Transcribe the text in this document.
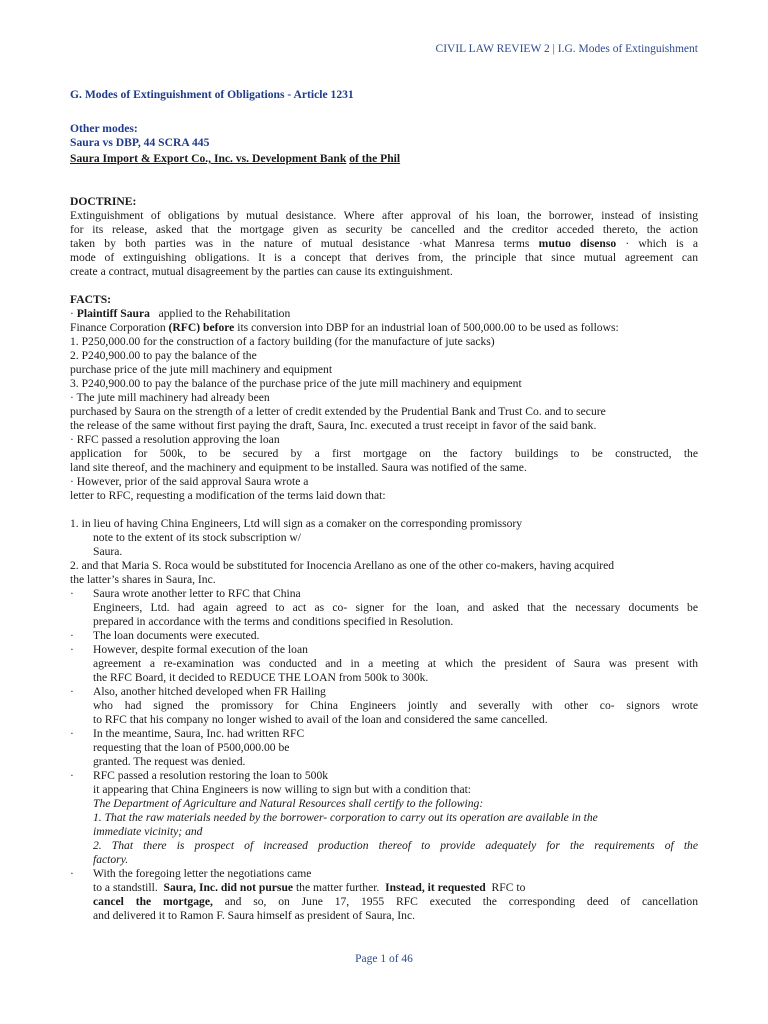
CIVIL LAW REVIEW 2 | I.G. Modes of Extinguishment
G. Modes of Extinguishment of Obligations - Article 1231
Other modes:
Saura vs DBP, 44 SCRA 445
Saura Import & Export Co., Inc. vs. Development Bank of the Phil
DOCTRINE:
Extinguishment of obligations by mutual desistance. Where after approval of his loan, the borrower, instead of insisting
for its release, asked that the mortgage given as security be cancelled and the creditor acceded thereto, the action
taken by both parties was in the nature of mutual desistance ·what Manresa terms mutuo disenso · which is a
mode of extinguishing obligations. It is a concept that derives from, the principle that since mutual agreement can
create a contract, mutual disagreement by the parties can cause its extinguishment.
FACTS:
· Plaintiff Saura applied to the Rehabilitation
Finance Corporation (RFC) before its conversion into DBP for an industrial loan of 500,000.00 to be used as follows:
1. P250,000.00 for the construction of a factory building (for the manufacture of jute sacks)
2. P240,900.00 to pay the balance of the
purchase price of the jute mill machinery and equipment
3. P240,900.00 to pay the balance of the purchase price of the jute mill machinery and equipment
· The jute mill machinery had already been
purchased by Saura on the strength of a letter of credit extended by the Prudential Bank and Trust Co. and to secure
the release of the same without first paying the draft, Saura, Inc. executed a trust receipt in favor of the said bank.
· RFC passed a resolution approving the loan
application for 500k, to be secured by a first mortgage on the factory buildings to be constructed, the
land site thereof, and the machinery and equipment to be installed. Saura was notified of the same.
· However, prior of the said approval Saura wrote a
letter to RFC, requesting a modification of the terms laid down that:
1. in lieu of having China Engineers, Ltd will sign as a comaker on the corresponding promissory
note to the extent of its stock subscription w/
Saura.
2. and that Maria S. Roca would be substituted for Inocencia Arellano as one of the other co-makers, having acquired
the latter’s shares in Saura, Inc.
· Saura wrote another letter to RFC that China
Engineers, Ltd. had again agreed to act as co- signer for the loan, and asked that the necessary documents be
prepared in accordance with the terms and conditions specified in Resolution.
· The loan documents were executed.
· However, despite formal execution of the loan
agreement a re-examination was conducted and in a meeting at which the president of Saura was present with
the RFC Board, it decided to REDUCE THE LOAN from 500k to 300k.
· Also, another hitched developed when FR Hailing
who had signed the promissory for China Engineers jointly and severally with other co- signors wrote
to RFC that his company no longer wished to avail of the loan and considered the same cancelled.
· In the meantime, Saura, Inc. had written RFC
requesting that the loan of P500,000.00 be
granted. The request was denied.
· RFC passed a resolution restoring the loan to 500k
it appearing that China Engineers is now willing to sign but with a condition that:
The Department of Agriculture and Natural Resources shall certify to the following:
1. That the raw materials needed by the borrower- corporation to carry out its operation are available in the
immediate vicinity; and
2. That there is prospect of increased production thereof to provide adequately for the requirements of the
factory.
· With the foregoing letter the negotiations came
to a standstill. Saura, Inc. did not pursue the matter further. Instead, it requested RFC to
cancel the mortgage, and so, on June 17, 1955 RFC executed the corresponding deed of cancellation
and delivered it to Ramon F. Saura himself as president of Saura, Inc.
Page 1 of 46
